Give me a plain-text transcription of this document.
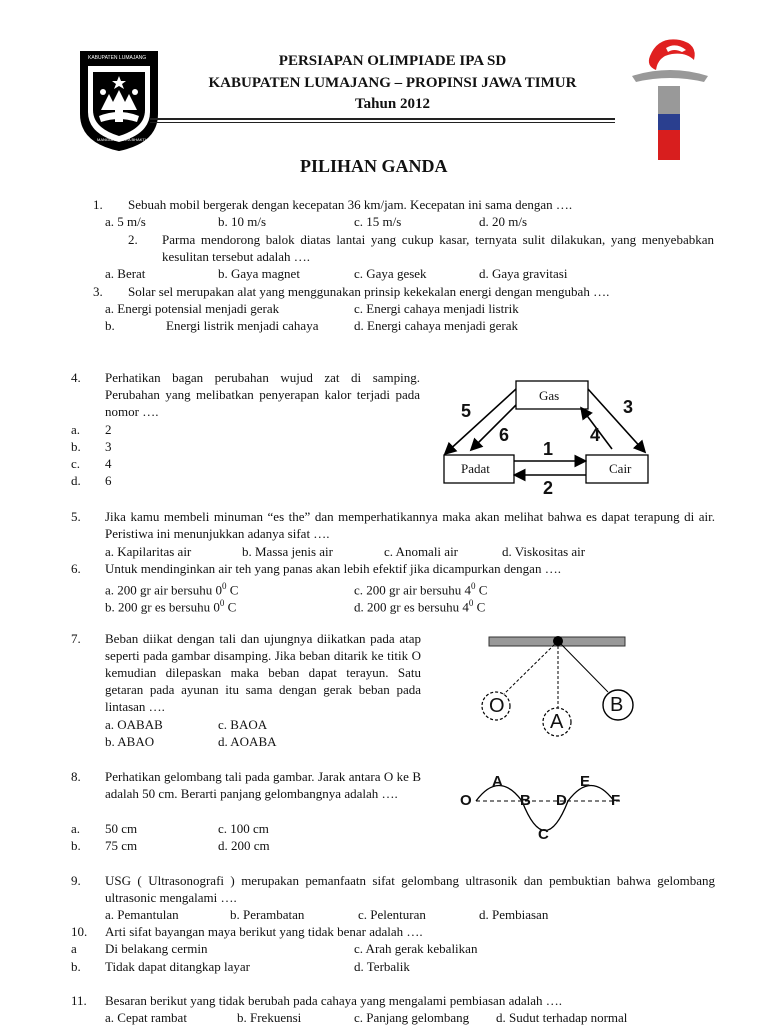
KABUPATEN LUMAJANG
MANGGALA BAYA BHAKTI
PERSIAPAN OLIMPIADE IPA SD
KABUPATEN LUMAJANG – PROPINSI JAWA TIMUR
Tahun 2012
PILIHAN GANDA
1. Sebuah mobil bergerak dengan kecepatan 36 km/jam. Kecepatan ini sama dengan ….
a. 5 m/s	b. 10 m/s	c. 15 m/s	d. 20 m/s
2. Parma mendorong balok diatas lantai yang cukup kasar, ternyata sulit dilakukan, yang menyebabkan kesulitan tersebut adalah ….
a. Berat	b. Gaya magnet	c. Gaya gesek	d. Gaya gravitasi
3. Solar sel merupakan alat yang menggunakan prinsip kekekalan energi dengan mengubah ….
a. Energi potensial menjadi gerak	c. Energi cahaya menjadi listrik
b.	Energi listrik menjadi cahaya	d. Energi cahaya menjadi gerak
4. Perhatikan bagan perubahan wujud zat di samping. Perubahan yang melibatkan penyerapan kalor terjadi pada nomor ….
a. 2
b. 3
c. 4
d. 6
Gas
Padat	Cair
5
6
3
4
1
2
5. Jika kamu membeli minuman “es the” dan memperhatikannya maka akan melihat bahwa es dapat terapung di air. Peristiwa ini menunjukkan adanya sifat ….
a. Kapilaritas air	b. Massa jenis air	c. Anomali air	d. Viskositas air
6. Untuk mendinginkan air teh yang panas akan lebih efektif jika dicampurkan dengan ….
a. 200 gr air bersuhu $0^0$ C	c. 200 gr air bersuhu $4^0$ C
b. 200 gr es bersuhu $0^0$ C	d. 200 gr es bersuhu $4^0$ C
7. Beban diikat dengan tali dan ujungnya diikatkan pada atap seperti pada gambar disamping. Jika beban ditarik ke titik O kemudian dilepaskan maka beban dapat terayun. Satu getaran pada ayunan itu sama dengan gerak beban pada lintasan ….
a. OABAB	c. BAOA
b. ABAO	d. AOABA
O
A
B
8. Perhatikan gelombang tali pada gambar. Jarak antara O ke B adalah 50 cm. Berarti panjang gelombangnya adalah ….
a. 50 cm	c. 100 cm
b. 75 cm	d. 200 cm
O
A
B
C
D
E
F
9. USG ( Ultrasonografi ) merupakan pemanfaatn sifat gelombang ultrasonik dan pembuktian bahwa gelombang ultrasonic mengalami ….
a. Pemantulan	b. Perambatan	c. Pelenturan	d. Pembiasan
10. Arti sifat bayangan maya berikut yang tidak benar adalah ….
a Di belakang cermin	c. Arah gerak kebalikan
b. Tidak dapat ditangkap layar	d. Terbalik
11. Besaran berikut yang tidak berubah pada cahaya yang mengalami pembiasan adalah ….
a. Cepat rambat	b. Frekuensi	c. Panjang gelombang d. Sudut terhadap normal
